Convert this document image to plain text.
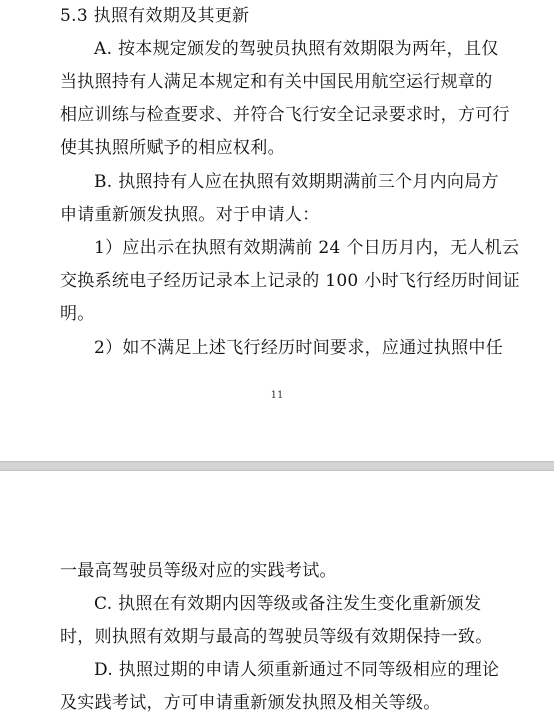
5.3 执照有效期及其更新
A. 按本规定颁发的驾驶员执照有效期限为两年，且仅
当执照持有人满足本规定和有关中国民用航空运行规章的
相应训练与检查要求、并符合飞行安全记录要求时，方可行
使其执照所赋予的相应权利。
B. 执照持有人应在执照有效期期满前三个月内向局方
申请重新颁发执照。对于申请人：
1）应出示在执照有效期满前 24 个日历月内，无人机云
交换系统电子经历记录本上记录的 100 小时飞行经历时间证
明。
2）如不满足上述飞行经历时间要求，应通过执照中任
11
一最高驾驶员等级对应的实践考试。
C. 执照在有效期内因等级或备注发生变化重新颁发
时，则执照有效期与最高的驾驶员等级有效期保持一致。
D. 执照过期的申请人须重新通过不同等级相应的理论
及实践考试，方可申请重新颁发执照及相关等级。
